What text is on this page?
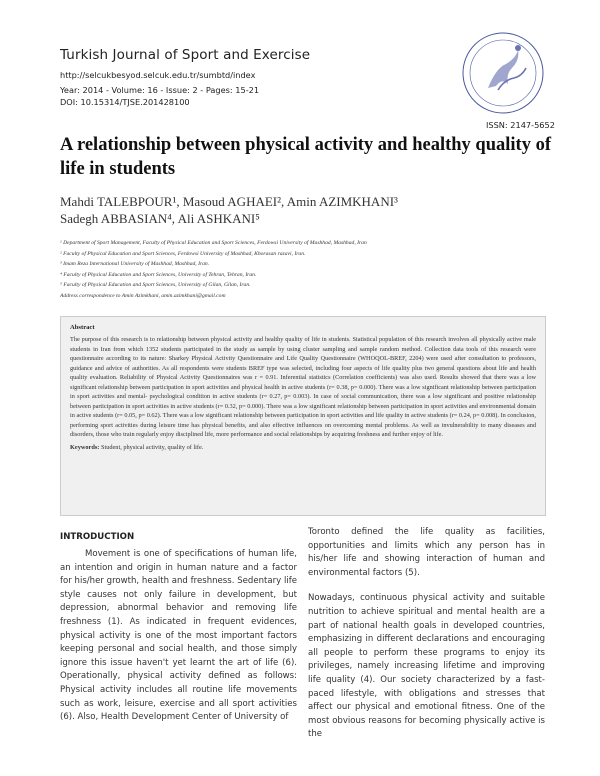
Turkish Journal of Sport and Exercise
http://selcukbesyod.selcuk.edu.tr/sumbtd/index
Year: 2014 - Volume: 16 - Issue: 2 - Pages: 15-21
DOI: 10.15314/TJSE.201428100
ISSN: 2147-5652
A relationship between physical activity and healthy quality of life in students
Mahdi TALEBPOUR¹, Masoud AGHAEI², Amin AZIMKHANI³
Sadegh ABBASIAN⁴, Ali ASHKANI⁵
¹ Department of Sport Management, Faculty of Physical Education and Sport Sciences, Ferdowsi University of Mashhad, Mashhad, Iran
² Faculty of Physical Education and Sport Sciences, Ferdowsi University of Mashhad, Khorasan razavi, Iran.
³ Imam Reza International University of Mashhad, Mashhad, Iran.
⁴ Faculty of Physical Education and Sport Sciences, University of Tehran, Tehran, Iran.
⁵ Faculty of Physical Education and Sport Sciences, University of Gilan, Gilan, Iran.
Address correspondence to Amin Azimkhani, amin.azimkhani@gmail.com
Abstract
The purpose of this research is to relationship between physical activity and healthy quality of life in students. Statistical population of this research involves all physically active male students in Iran from which 1352 students participated in the study as sample by using cluster sampling and sample random method. Collection data tools of this research were questionnaire according to its nature: Sharkey Physical Activity Questionnaire and Life Quality Questionnaire (WHOQOL-BREF, 2204) were used after consultation to professors, guidance and advice of authorities. As all respondents were students BREF type was selected, including four aspects of life quality plus two general questions about life and health quality evaluation. Reliability of Physical Activity Questionnaires was r = 0.91. Inferential statistics (Correlation coefficients) was also used. Results showed that there was a low significant relationship between participation in sport activities and physical health in active students (r= 0.38, p= 0.000). There was a low significant relationship between participation in sport activities and mental- psychological condition in active students (r= 0.27, p= 0.003). In case of social communication, there was a low significant and positive relationship between participation in sport activities in active students (r= 0.32, p= 0.000). There was a low significant relationship between participation in sport activities and environmental domain in active students (r= 0.05, p= 0.62). There was a low significant relationship between participation in sport activities and life quality in active students (r= 0.24, p= 0.008). In conclusion, performing sport activities during leisure time has physical benefits, and also effective influences on overcoming mental problems. As well as invulnerability to many diseases and disorders, those who train regularly enjoy disciplined life, more performance and social relationships by acquiring freshness and further enjoy of life.
Keywords: Student, physical activity, quality of life.
INTRODUCTION

Movement is one of specifications of human life, an intention and origin in human nature and a factor for his/her growth, health and freshness. Sedentary life style causes not only failure in development, but depression, abnormal behavior and removing life freshness (1). As indicated in frequent evidences, physical activity is one of the most important factors keeping personal and social health, and those simply ignore this issue haven't yet learnt the art of life (6). Operationally, physical activity defined as follows: Physical activity includes all routine life movements such as work, leisure, exercise and all sport activities (6). Also, Health Development Center of University of

Toronto defined the life quality as facilities, opportunities and limits which any person has in his/her life and showing interaction of human and environmental factors (5).

Nowadays, continuous physical activity and suitable nutrition to achieve spiritual and mental health are a part of national health goals in developed countries, emphasizing in different declarations and encouraging all people to perform these programs to enjoy its privileges, namely increasing lifetime and improving life quality (4). Our society characterized by a fast-paced lifestyle, with obligations and stresses that affect our physical and emotional fitness. One of the most obvious reasons for becoming physically active is the
